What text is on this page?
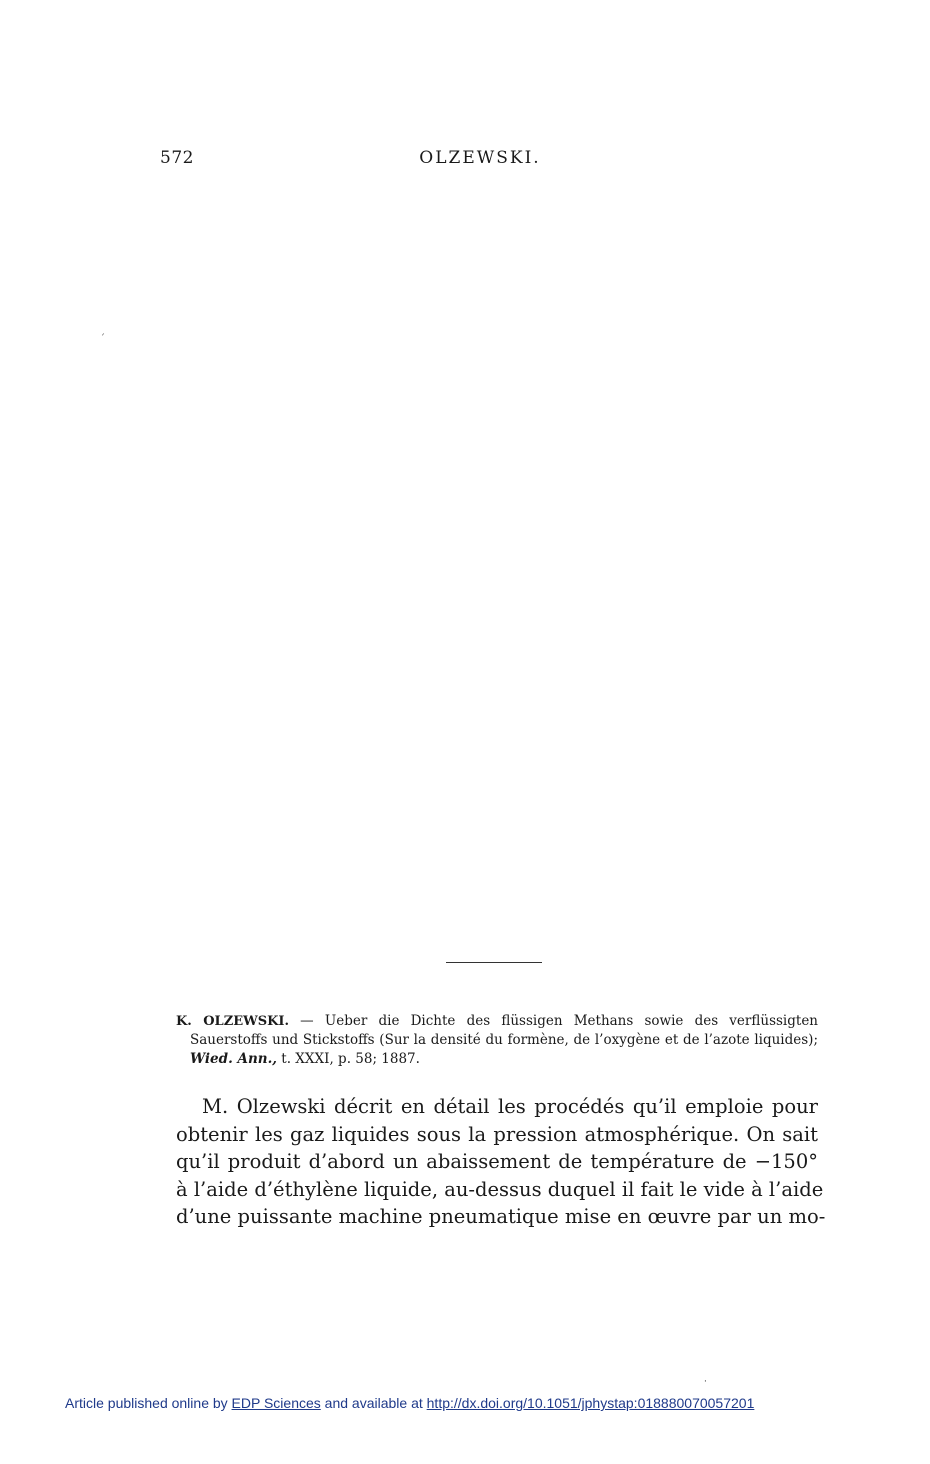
572	OLZEWSKI.
ˊ
K. OLZEWSKI. — Ueber die Dichte des flüssigen Methans sowie des verflüssigten Sauerstoffs und Stickstoffs (Sur la densité du formène, de l’oxygène et de l’azote liquides); Wied. Ann., t. XXXI, p. 58; 1887.
M. Olzewski décrit en détail les procédés qu’il emploie pour
obtenir les gaz liquides sous la pression atmosphérique. On sait
qu’il produit d’abord un abaissement de température de −150°
à l’aide d’éthylène liquide, au-dessus duquel il fait le vide à l’aide
d’une puissante machine pneumatique mise en œuvre par un mo-
·
Article published online by EDP Sciences and available at http://dx.doi.org/10.1051/jphystap:018880070057201
